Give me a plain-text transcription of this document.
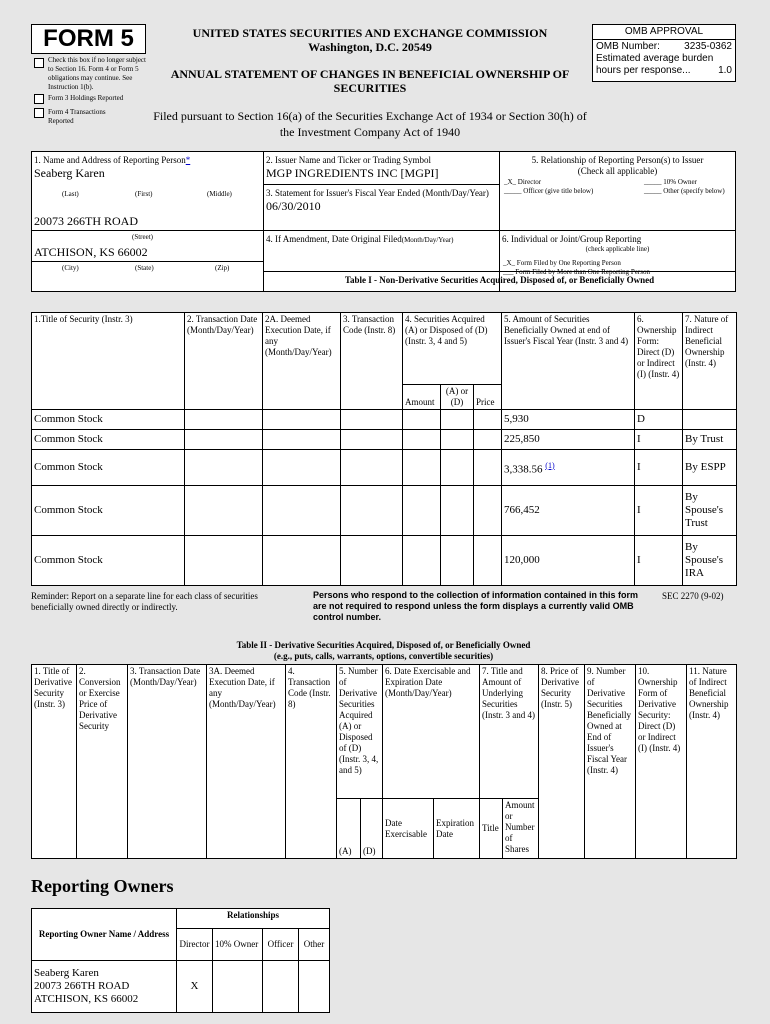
FORM 5
Check this box if no longer subject to Section 16. Form 4 or Form 5 obligations may continue. See Instruction 1(b).
Form 3 Holdings Reported
Form 4 Transactions Reported
UNITED STATES SECURITIES AND EXCHANGE COMMISSION
Washington, D.C. 20549
ANNUAL STATEMENT OF CHANGES IN BENEFICIAL OWNERSHIP OF SECURITIES
OMB APPROVAL
OMB Number: 3235-0362
Estimated average burden
hours per response...	1.0
Filed pursuant to Section 16(a) of the Securities Exchange Act of 1934 or Section 30(h) of the Investment Company Act of 1940
1. Name and Address of Reporting Person*
Seaberg Karen
(Last)	(First)	(Middle)
20073 266TH ROAD
(Street)
ATCHISON, KS 66002
(City)	(State)	(Zip)
2. Issuer Name and Ticker or Trading Symbol
MGP INGREDIENTS INC [MGPI]
3. Statement for Issuer's Fiscal Year Ended (Month/Day/Year)
06/30/2010
4. If Amendment, Date Original Filed(Month/Day/Year)
5. Relationship of Reporting Person(s) to Issuer
(Check all applicable)
_X_ Director	_____ 10% Owner
_____ Officer (give title below)	_____ Other (specify below)
6. Individual or Joint/Group Reporting
(check applicable line)
_X_ Form Filed by One Reporting Person
___ Form Filed by More than One Reporting Person
Table I - Non-Derivative Securities Acquired, Disposed of, or Beneficially Owned
1.Title of Security (Instr. 3)	2. Transaction Date (Month/Day/Year)	2A. Deemed Execution Date, if any (Month/Day/Year)	3. Transaction Code (Instr. 8)	4. Securities Acquired (A) or Disposed of (D) (Instr. 3, 4 and 5)			5. Amount of Securities Beneficially Owned at end of Issuer's Fiscal Year (Instr. 3 and 4)	6. Ownership Form: Direct (D) or Indirect (I) (Instr. 4)	7. Nature of Indirect Beneficial Ownership (Instr. 4)
				Amount	(A) or (D)	Price			
Common Stock							5,930	D	
Common Stock							225,850	I	By Trust
Common Stock							3,338.56 $^{(1)}$	I	By ESPP
Common Stock							766,452	I	By Spouse's Trust
Common Stock							120,000	I	By Spouse's IRA
Reminder: Report on a separate line for each class of securities beneficially owned directly or indirectly.
Persons who respond to the collection of information contained in this form are not required to respond unless the form displays a currently valid OMB control number.
SEC 2270 (9-02)
Table II - Derivative Securities Acquired, Disposed of, or Beneficially Owned
(e.g., puts, calls, warrants, options, convertible securities)
1. Title of Derivative Security (Instr. 3)	2. Conversion or Exercise Price of Derivative Security	3. Transaction Date (Month/Day/Year)	3A. Deemed Execution Date, if any (Month/Day/Year)	4. Transaction Code (Instr. 8)	5. Number of Derivative Securities Acquired (A) or Disposed of (D) (Instr. 3, 4, and 5)		6. Date Exercisable and Expiration Date (Month/Day/Year)		7. Title and Amount of Underlying Securities (Instr. 3 and 4)		8. Price of Derivative Security (Instr. 5)	9. Number of Derivative Securities Beneficially Owned at End of Issuer's Fiscal Year (Instr. 4)	10. Ownership Form of Derivative Security: Direct (D) or Indirect (I) (Instr. 4)	11. Nature of Indirect Beneficial Ownership (Instr. 4)
					(A)	(D)	Date Exercisable	Expiration Date	Title	Amount or Number of Shares				
Reporting Owners
Reporting Owner Name / Address	Relationships			
	Director	10% Owner	Officer	Other

Seaberg Karen
20073 266TH ROAD
ATCHISON, KS 66002	X			
